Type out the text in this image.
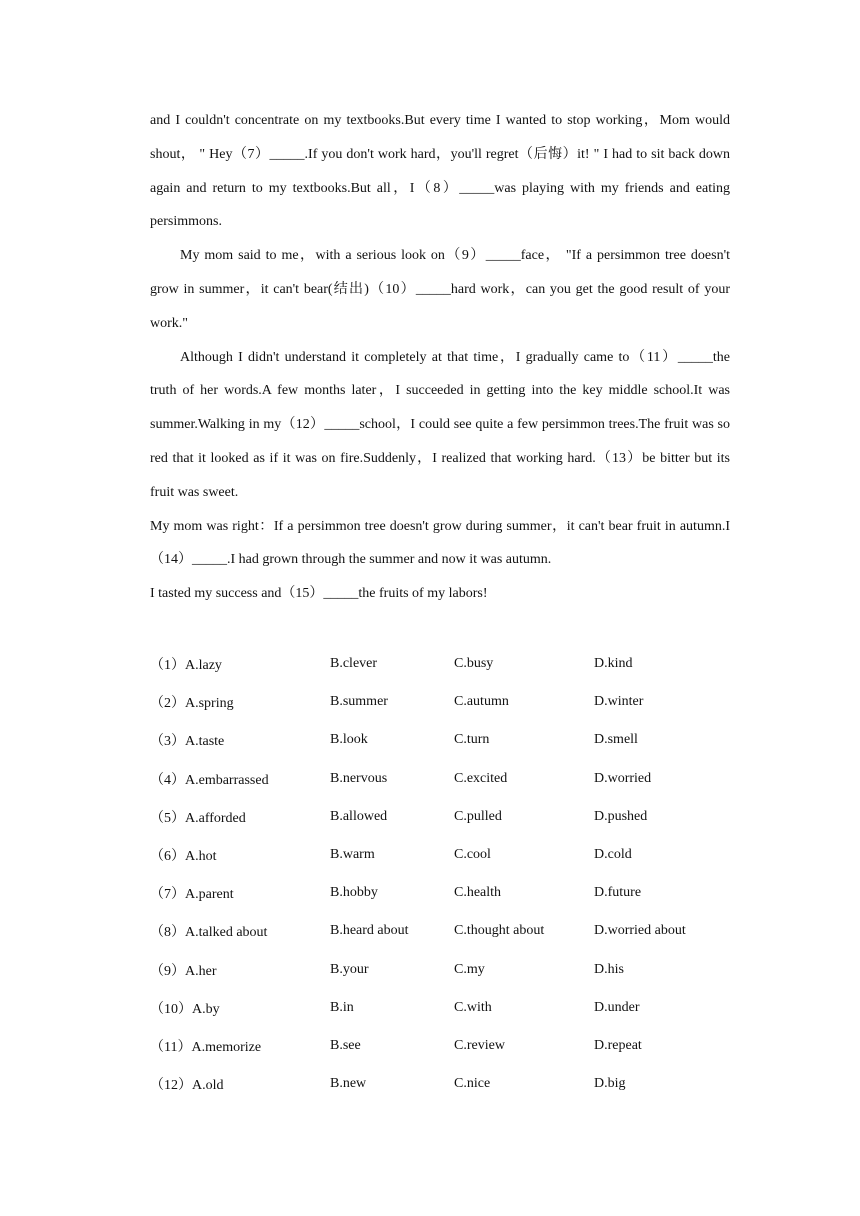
and I couldn't concentrate on my textbooks.But every time I wanted to stop working，Mom would shout， " Hey（7）_____.If you don't work hard，you'll regret（后悔）it! " I had to sit back down again and return to my textbooks.But all，I（8）_____was playing with my friends and eating persimmons.

My mom said to me，with a serious look on（9）_____face， "If a persimmon tree doesn't grow in summer，it can't bear(结出)（10）_____hard work，can you get the good result of your work."

Although I didn't understand it completely at that time，I gradually came to（11）_____the truth of her words.A few months later，I succeeded in getting into the key middle school.It was summer.Walking in my（12）_____school，I could see quite a few persimmon trees.The fruit was so red that it looked as if it was on fire.Suddenly，I realized that working hard.（13）be bitter but its fruit was sweet.

My mom was right：If a persimmon tree doesn't grow during summer，it can't bear fruit in autumn.I（14）_____.I had grown through the summer and now it was autumn.

I tasted my success and（15）_____the fruits of my labors!

（1）A.lazy	B.clever	C.busy	D.kind
（2）A.spring	B.summer	C.autumn	D.winter
（3）A.taste	B.look	C.turn	D.smell
（4）A.embarrassed	B.nervous	C.excited	D.worried
（5）A.afforded	B.allowed	C.pulled	D.pushed
（6）A.hot	B.warm	C.cool	D.cold
（7）A.parent	B.hobby	C.health	D.future
（8）A.talked about	B.heard about	C.thought about	D.worried about
（9）A.her	B.your	C.my	D.his
（10）A.by	B.in	C.with	D.under
（11）A.memorize	B.see	C.review	D.repeat
（12）A.old	B.new	C.nice	D.big
